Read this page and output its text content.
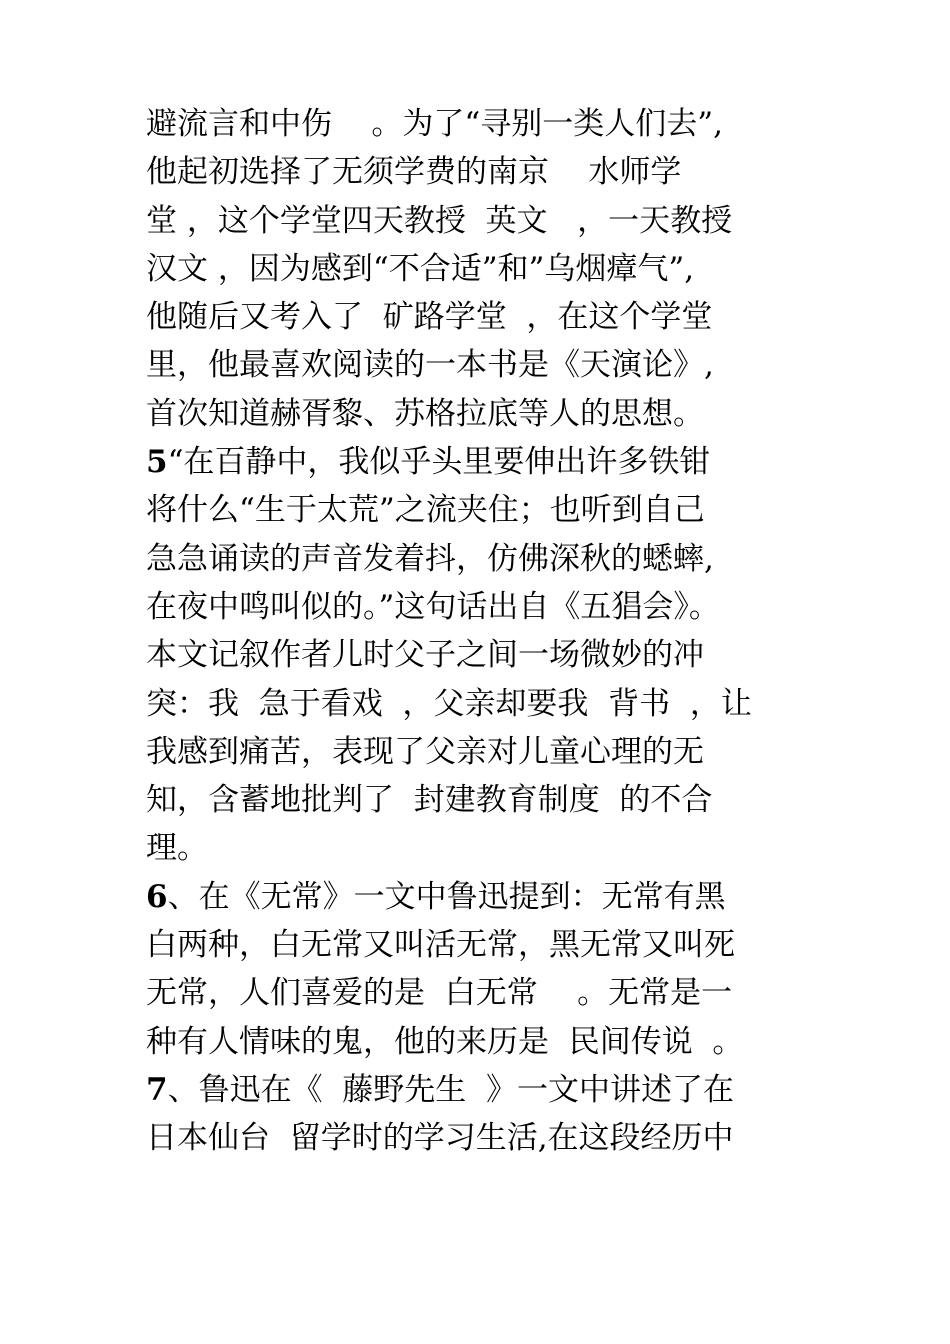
避流言和中伤    。为了“寻别一类人们去”,
他起初选择了无须学费的南京    水师学
堂 ，这个学堂四天教授  英文   ，一天教授
汉文 ，因为感到“不合适”和”乌烟瘴气”,
他随后又考入了  矿路学堂  ，在这个学堂
里，他最喜欢阅读的一本书是《天演论》,
首次知道赫胥黎、苏格拉底等人的思想。
5“在百静中，我似乎头里要伸出许多铁钳
将什么“生于太荒”之流夹住；也听到自己
急急诵读的声音发着抖，仿佛深秋的蟋蟀,
在夜中鸣叫似的。”这句话出自《五猖会》。
本文记叙作者儿时父子之间一场微妙的冲
突：我  急于看戏  ，父亲却要我  背书  ，让
我感到痛苦，表现了父亲对儿童心理的无
知，含蓄地批判了  封建教育制度  的不合
理。
6、在《无常》一文中鲁迅提到：无常有黑
白两种，白无常又叫活无常，黑无常又叫死
无常，人们喜爱的是  白无常    。无常是一
种有人情味的鬼，他的来历是  民间传说  。
7、鲁迅在《  藤野先生  》一文中讲述了在
日本仙台  留学时的学习生活,在这段经历中
